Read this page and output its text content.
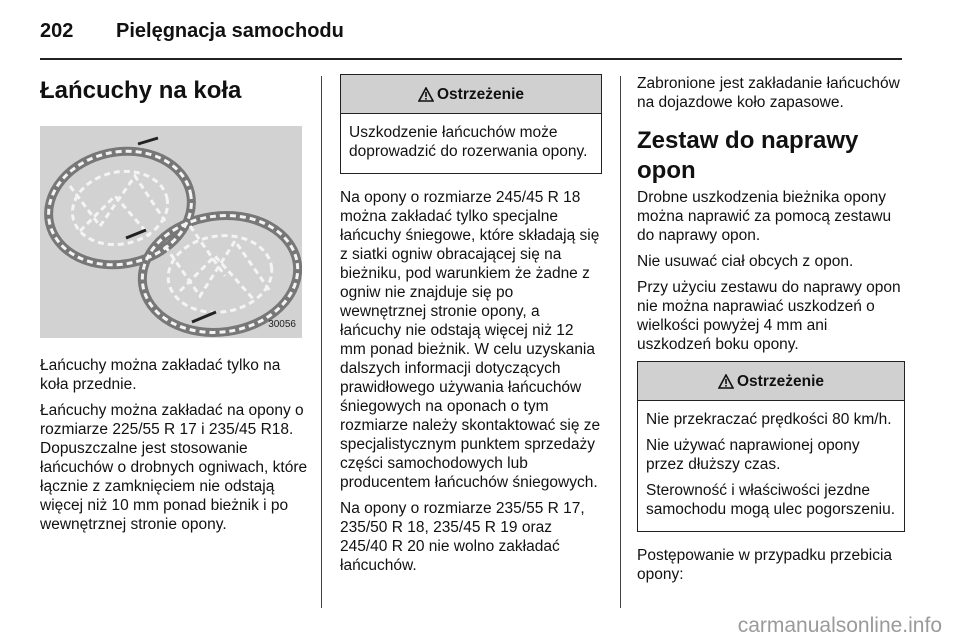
202	Pielęgnacja samochodu
Łańcuchy na koła
30056

Łańcuchy można zakładać tylko na koła przednie.

Łańcuchy można zakładać na opony o rozmiarze 225/55 R 17 i 235/45 R18. Dopuszczalne jest stosowanie łańcuchów o drobnych ogniwach, które łącznie z zamknięciem nie odstają więcej niż 10 mm ponad bieżnik i po wewnętrznej stronie opony.

Ostrzeżenie

Uszkodzenie łańcuchów może doprowadzić do rozerwania opony.

Na opony o rozmiarze 245/45 R 18 można zakładać tylko specjalne łańcuchy śniegowe, które składają się z siatki ogniw obracającej się na bieżniku, pod warunkiem że żadne z ogniw nie znajduje się po wewnętrznej stronie opony, a łańcuchy nie odstają więcej niż 12 mm ponad bieżnik. W celu uzyskania dalszych informacji dotyczących prawidłowego używania łańcuchów śniegowych na oponach o tym rozmiarze należy skontaktować się ze specjalistycznym punktem sprzedaży części samochodowych lub producentem łańcuchów śniegowych.

Na opony o rozmiarze 235/55 R 17, 235/50 R 18, 235/45 R 19 oraz 245/40 R 20 nie wolno zakładać łańcuchów.

Zabronione jest zakładanie łańcuchów na dojazdowe koło zapasowe.

Zestaw do naprawy opon

Drobne uszkodzenia bieżnika opony można naprawić za pomocą zestawu do naprawy opon.

Nie usuwać ciał obcych z opon.

Przy użyciu zestawu do naprawy opon nie można naprawiać uszkodzeń o wielkości powyżej 4 mm ani uszkodzeń boku opony.

Ostrzeżenie

Nie przekraczać prędkości 80 km/h.

Nie używać naprawionej opony przez dłuższy czas.

Sterowność i właściwości jezdne samochodu mogą ulec pogorszeniu.

Postępowanie w przypadku przebicia opony:

carmanualsonline.info
